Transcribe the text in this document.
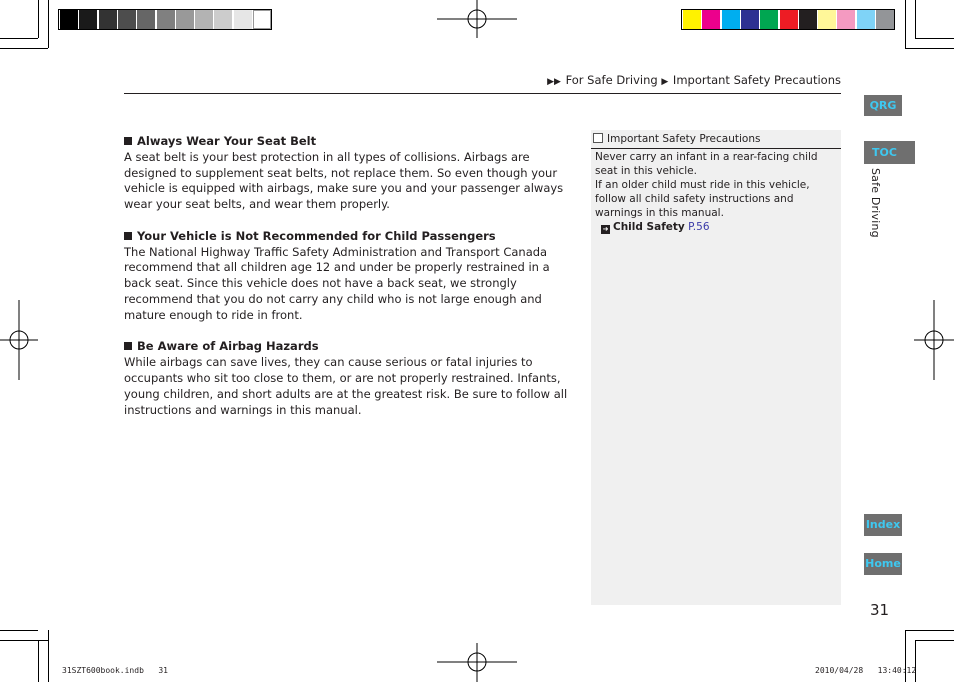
▶▶ For Safe Driving ▶ Important Safety Precautions
Always Wear Your Seat Belt

A seat belt is your best protection in all types of collisions. Airbags are designed to supplement seat belts, not replace them. So even though your vehicle is equipped with airbags, make sure you and your passenger always wear your seat belts, and wear them properly.

Your Vehicle is Not Recommended for Child Passengers

The National Highway Traffic Safety Administration and Transport Canada recommend that all children age 12 and under be properly restrained in a back seat. Since this vehicle does not have a back seat, we strongly recommend that you do not carry any child who is not large enough and mature enough to ride in front.

Be Aware of Airbag Hazards

While airbags can save lives, they can cause serious or fatal injuries to occupants who sit too close to them, or are not properly restrained. Infants, young children, and short adults are at the greatest risk. Be sure to follow all instructions and warnings in this manual.

Important Safety Precautions
Never carry an infant in a rear-facing child seat in this vehicle.
If an older child must ride in this vehicle, follow all child safety instructions and warnings in this manual.
➜ Child Safety P.56
QRG
TOC
Safe Driving
Index
Home
31
31SZT600book.indb 31	2010/04/28 13:40:12
